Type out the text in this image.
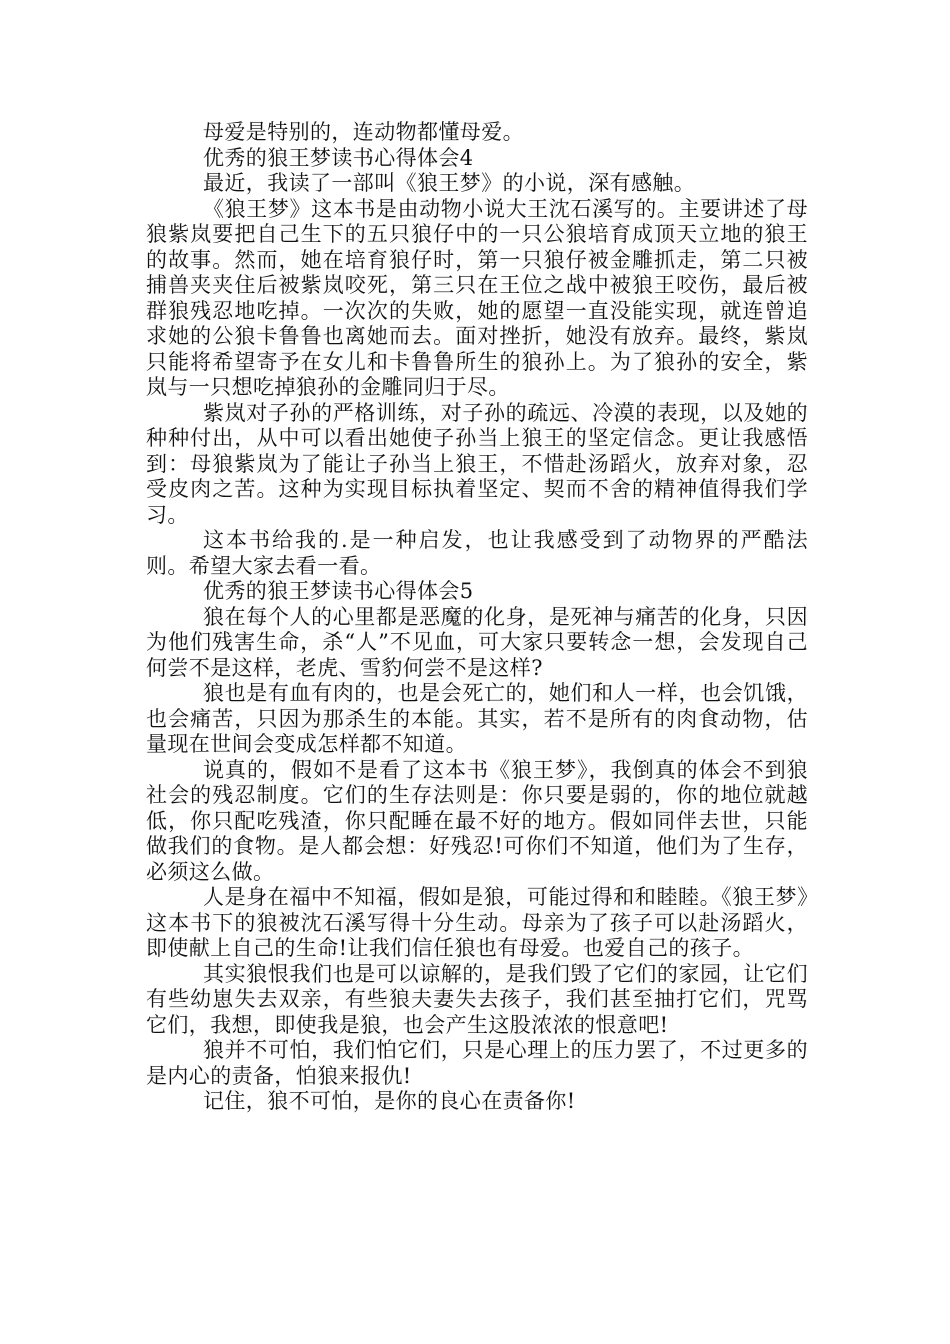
母爱是特别的，连动物都懂母爱。

优秀的狼王梦读书心得体会4

最近，我读了一部叫《狼王梦》的小说，深有感触。

《狼王梦》这本书是由动物小说大王沈石溪写的。主要讲述了母狼紫岚要把自己生下的五只狼仔中的一只公狼培育成顶天立地的狼王的故事。然而，她在培育狼仔时，第一只狼仔被金雕抓走，第二只被捕兽夹夹住后被紫岚咬死，第三只在王位之战中被狼王咬伤，最后被群狼残忍地吃掉。一次次的失败，她的愿望一直没能实现，就连曾追求她的公狼卡鲁鲁也离她而去。面对挫折，她没有放弃。最终，紫岚只能将希望寄予在女儿和卡鲁鲁所生的狼孙上。为了狼孙的安全，紫岚与一只想吃掉狼孙的金雕同归于尽。

紫岚对子孙的严格训练，对子孙的疏远、冷漠的表现，以及她的种种付出，从中可以看出她使子孙当上狼王的坚定信念。更让我感悟到：母狼紫岚为了能让子孙当上狼王，不惜赴汤蹈火，放弃对象，忍受皮肉之苦。这种为实现目标执着坚定、契而不舍的精神值得我们学习。

这本书给我的.是一种启发，也让我感受到了动物界的严酷法则。希望大家去看一看。

优秀的狼王梦读书心得体会5

狼在每个人的心里都是恶魔的化身，是死神与痛苦的化身，只因为他们残害生命，杀“人”不见血，可大家只要转念一想，会发现自己何尝不是这样，老虎、雪豹何尝不是这样?

狼也是有血有肉的，也是会死亡的，她们和人一样，也会饥饿，也会痛苦，只因为那杀生的本能。其实，若不是所有的肉食动物，估量现在世间会变成怎样都不知道。

说真的，假如不是看了这本书《狼王梦》，我倒真的体会不到狼社会的残忍制度。它们的生存法则是：你只要是弱的，你的地位就越低，你只配吃残渣，你只配睡在最不好的地方。假如同伴去世，只能做我们的食物。是人都会想：好残忍!可你们不知道，他们为了生存，必须这么做。

人是身在福中不知福，假如是狼，可能过得和和睦睦。《狼王梦》这本书下的狼被沈石溪写得十分生动。母亲为了孩子可以赴汤蹈火，即使献上自己的生命!让我们信任狼也有母爱。也爱自己的孩子。

其实狼恨我们也是可以谅解的，是我们毁了它们的家园，让它们有些幼崽失去双亲，有些狼夫妻失去孩子，我们甚至抽打它们，咒骂它们，我想，即使我是狼，也会产生这股浓浓的恨意吧!

狼并不可怕，我们怕它们，只是心理上的压力罢了，不过更多的是内心的责备，怕狼来报仇!

记住，狼不可怕，是你的良心在责备你!
